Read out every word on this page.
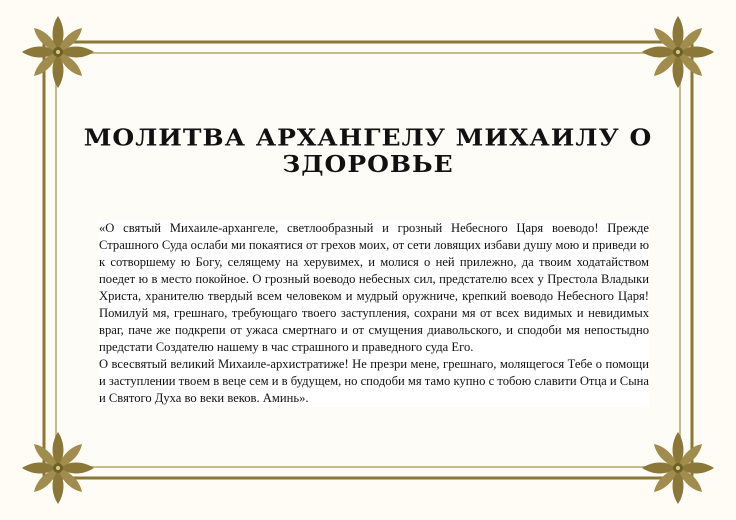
МОЛИТВА АРХАНГЕЛУ МИХАИЛУ О ЗДОРОВЬЕ

«О святый Михаиле-архангеле, светлообразный и грозный Небесного Царя воеводо! Прежде Страшного Суда ослаби ми покаятися от грехов моих, от сети ловящих избави душу мою и приведи ю к сотворшему ю Богу, селящему на херувимех, и молися о ней прилежно, да твоим ходатайством поедет ю в место покойное. О грозный воеводо небесных сил, предстателю всех у Престола Владыки Христа, хранителю твердый всем человеком и мудрый оружниче, крепкий воеводо Небесного Царя! Помилуй мя, грешнаго, требующаго твоего заступления, сохрани мя от всех видимых и невидимых враг, паче же подкрепи от ужаса смертнаго и от смущения диавольского, и сподоби мя непостыдно предстати Создателю нашему в час страшного и праведного суда Его.

О всесвятый великий Михаиле-архистратиже! Не презри мене, грешнаго, молящегося Тебе о помощи и заступлении твоем в веце сем и в будущем, но сподоби мя тамо купно с тобою славити Отца и Сына и Святого Духа во веки веков. Аминь».
